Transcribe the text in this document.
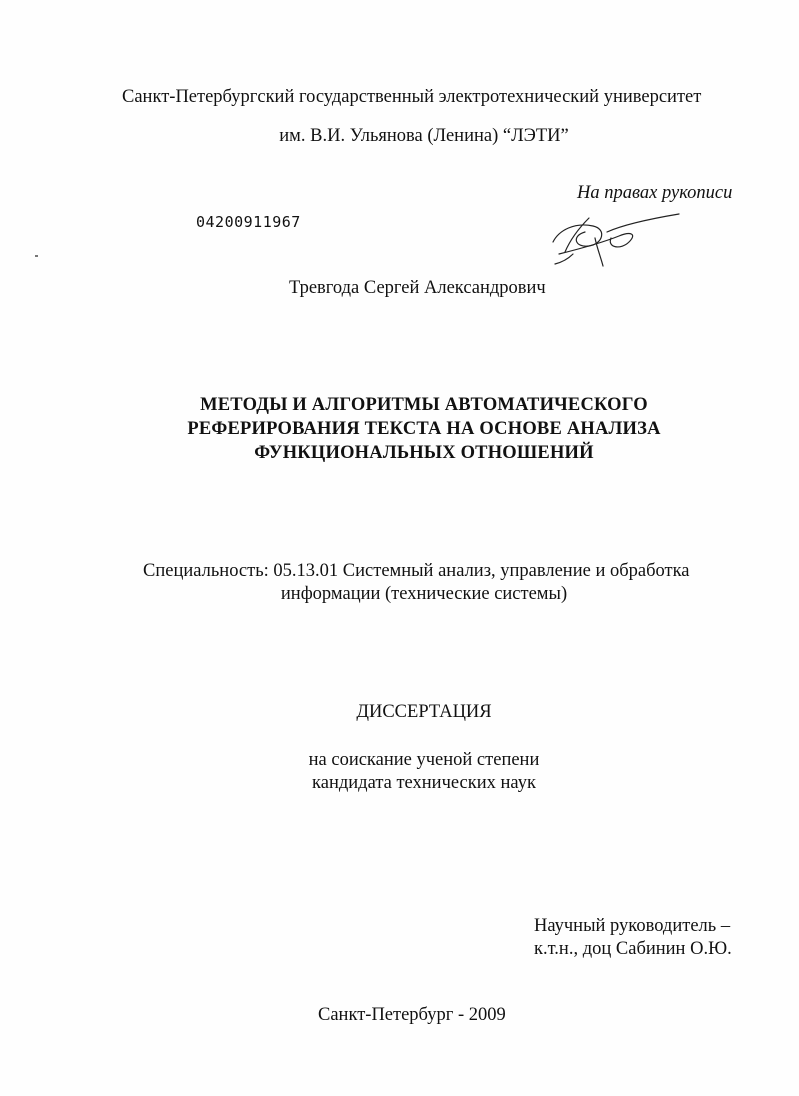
Санкт-Петербургский государственный электротехнический университет
им. В.И. Ульянова (Ленина) “ЛЭТИ”
На правах рукописи
04200911967
Тревгода Сергей Александрович
МЕТОДЫ И АЛГОРИТМЫ АВТОМАТИЧЕСКОГО
РЕФЕРИРОВАНИЯ ТЕКСТА НА ОСНОВЕ АНАЛИЗА
ФУНКЦИОНАЛЬНЫХ ОТНОШЕНИЙ
Специальность: 05.13.01 Системный анализ, управление и обработка
информации (технические системы)
ДИССЕРТАЦИЯ
на соискание ученой степени
кандидата технических наук
Научный руководитель –
к.т.н., доц Сабинин О.Ю.
Санкт-Петербург - 2009
